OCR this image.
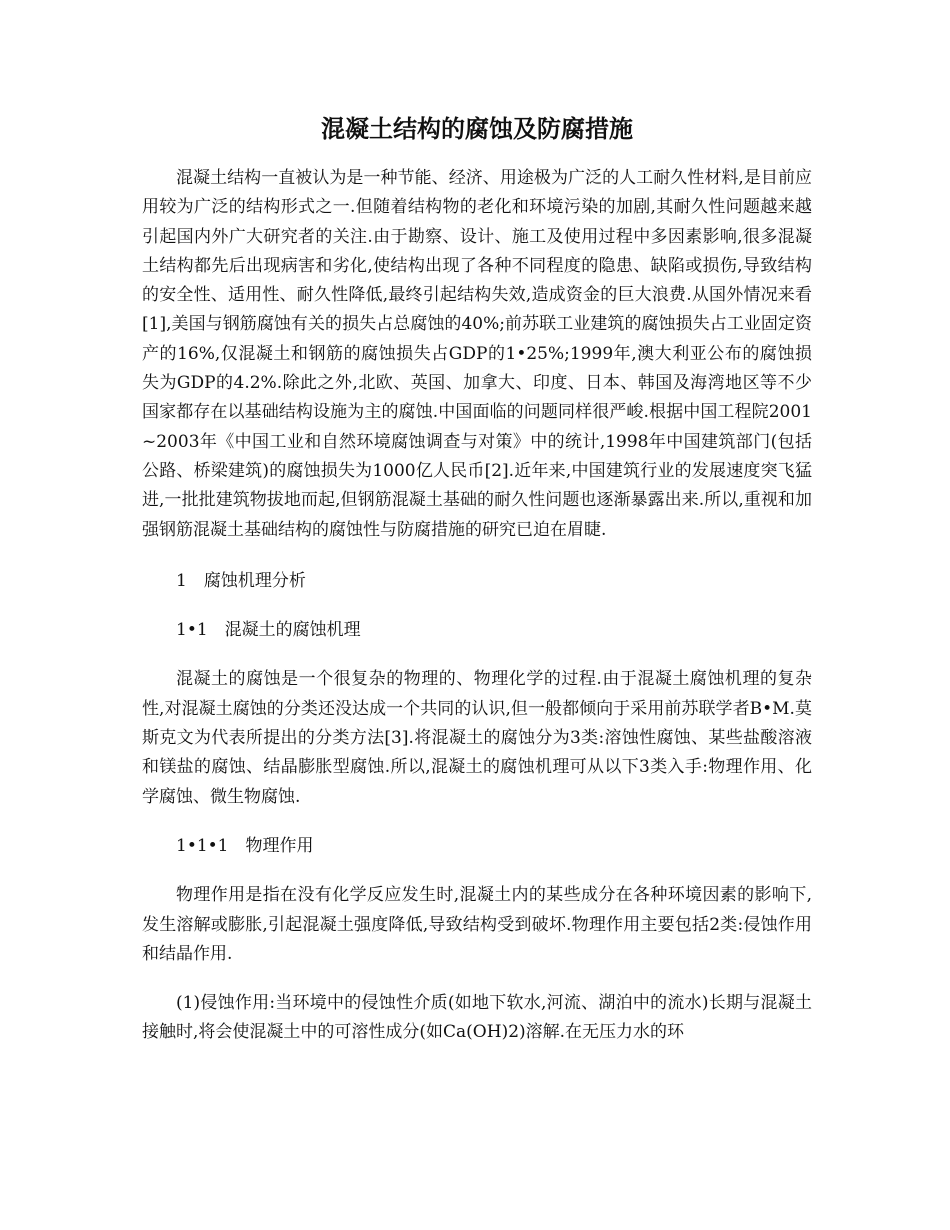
混凝土结构的腐蚀及防腐措施

混凝土结构一直被认为是一种节能、经济、用途极为广泛的人工耐久性材料,是目前应用较为广泛的结构形式之一.但随着结构物的老化和环境污染的加剧,其耐久性问题越来越引起国内外广大研究者的关注.由于勘察、设计、施工及使用过程中多因素影响,很多混凝土结构都先后出现病害和劣化,使结构出现了各种不同程度的隐患、缺陷或损伤,导致结构的安全性、适用性、耐久性降低,最终引起结构失效,造成资金的巨大浪费.从国外情况来看[1],美国与钢筋腐蚀有关的损失占总腐蚀的40%;前苏联工业建筑的腐蚀损失占工业固定资产的16%,仅混凝土和钢筋的腐蚀损失占GDP的1•25%;1999年,澳大利亚公布的腐蚀损失为GDP的4.2%.除此之外,北欧、英国、加拿大、印度、日本、韩国及海湾地区等不少国家都存在以基础结构设施为主的腐蚀.中国面临的问题同样很严峻.根据中国工程院2001~2003年《中国工业和自然环境腐蚀调查与对策》中的统计,1998年中国建筑部门(包括公路、桥梁建筑)的腐蚀损失为1000亿人民币[2].近年来,中国建筑行业的发展速度突飞猛进,一批批建筑物拔地而起,但钢筋混凝土基础的耐久性问题也逐渐暴露出来.所以,重视和加强钢筋混凝土基础结构的腐蚀性与防腐措施的研究已迫在眉睫.

1　腐蚀机理分析

1•1　混凝土的腐蚀机理

混凝土的腐蚀是一个很复杂的物理的、物理化学的过程.由于混凝土腐蚀机理的复杂性,对混凝土腐蚀的分类还没达成一个共同的认识,但一般都倾向于采用前苏联学者B•M.莫斯克文为代表所提出的分类方法[3].将混凝土的腐蚀分为3类:溶蚀性腐蚀、某些盐酸溶液和镁盐的腐蚀、结晶膨胀型腐蚀.所以,混凝土的腐蚀机理可从以下3类入手:物理作用、化学腐蚀、微生物腐蚀.

1•1•1　物理作用

物理作用是指在没有化学反应发生时,混凝土内的某些成分在各种环境因素的影响下,发生溶解或膨胀,引起混凝土强度降低,导致结构受到破坏.物理作用主要包括2类:侵蚀作用和结晶作用.

(1)侵蚀作用:当环境中的侵蚀性介质(如地下软水,河流、湖泊中的流水)长期与混凝土接触时,将会使混凝土中的可溶性成分(如Ca(OH)2)溶解.在无压力水的环
